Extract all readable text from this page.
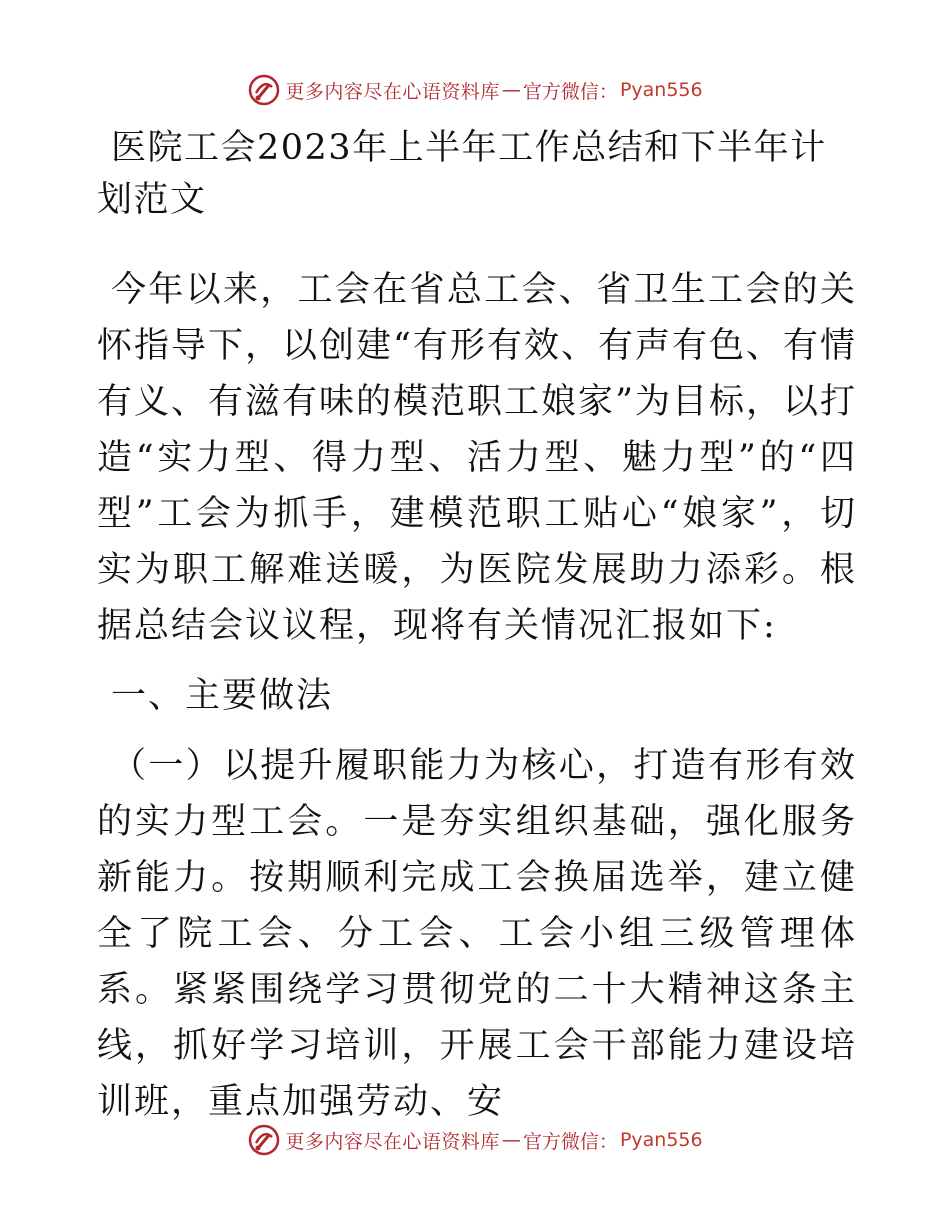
更多内容尽在心语资料库 — 官方微信： Pyan556
医院工会2023年上半年工作总结和下半年计划范文

今年以来，工会在省总工会、省卫生工会的关怀指导下，以创建“有形有效、有声有色、有情有义、有滋有味的模范职工娘家”为目标，以打造“实力型、得力型、活力型、魅力型”的“四型”工会为抓手，建模范职工贴心“娘家”，切实为职工解难送暖，为医院发展助力添彩。根据总结会议议程，现将有关情况汇报如下:

一、主要做法

（一）以提升履职能力为核心，打造有形有效的实力型工会。一是夯实组织基础，强化服务新能力。按期顺利完成工会换届选举，建立健全了院工会、分工会、工会小组三级管理体系。紧紧围绕学习贯彻党的二十大精神这条主线，抓好学习培训，开展工会干部能力建设培训班，重点加强劳动、安

更多内容尽在心语资料库 — 官方微信： Pyan556
